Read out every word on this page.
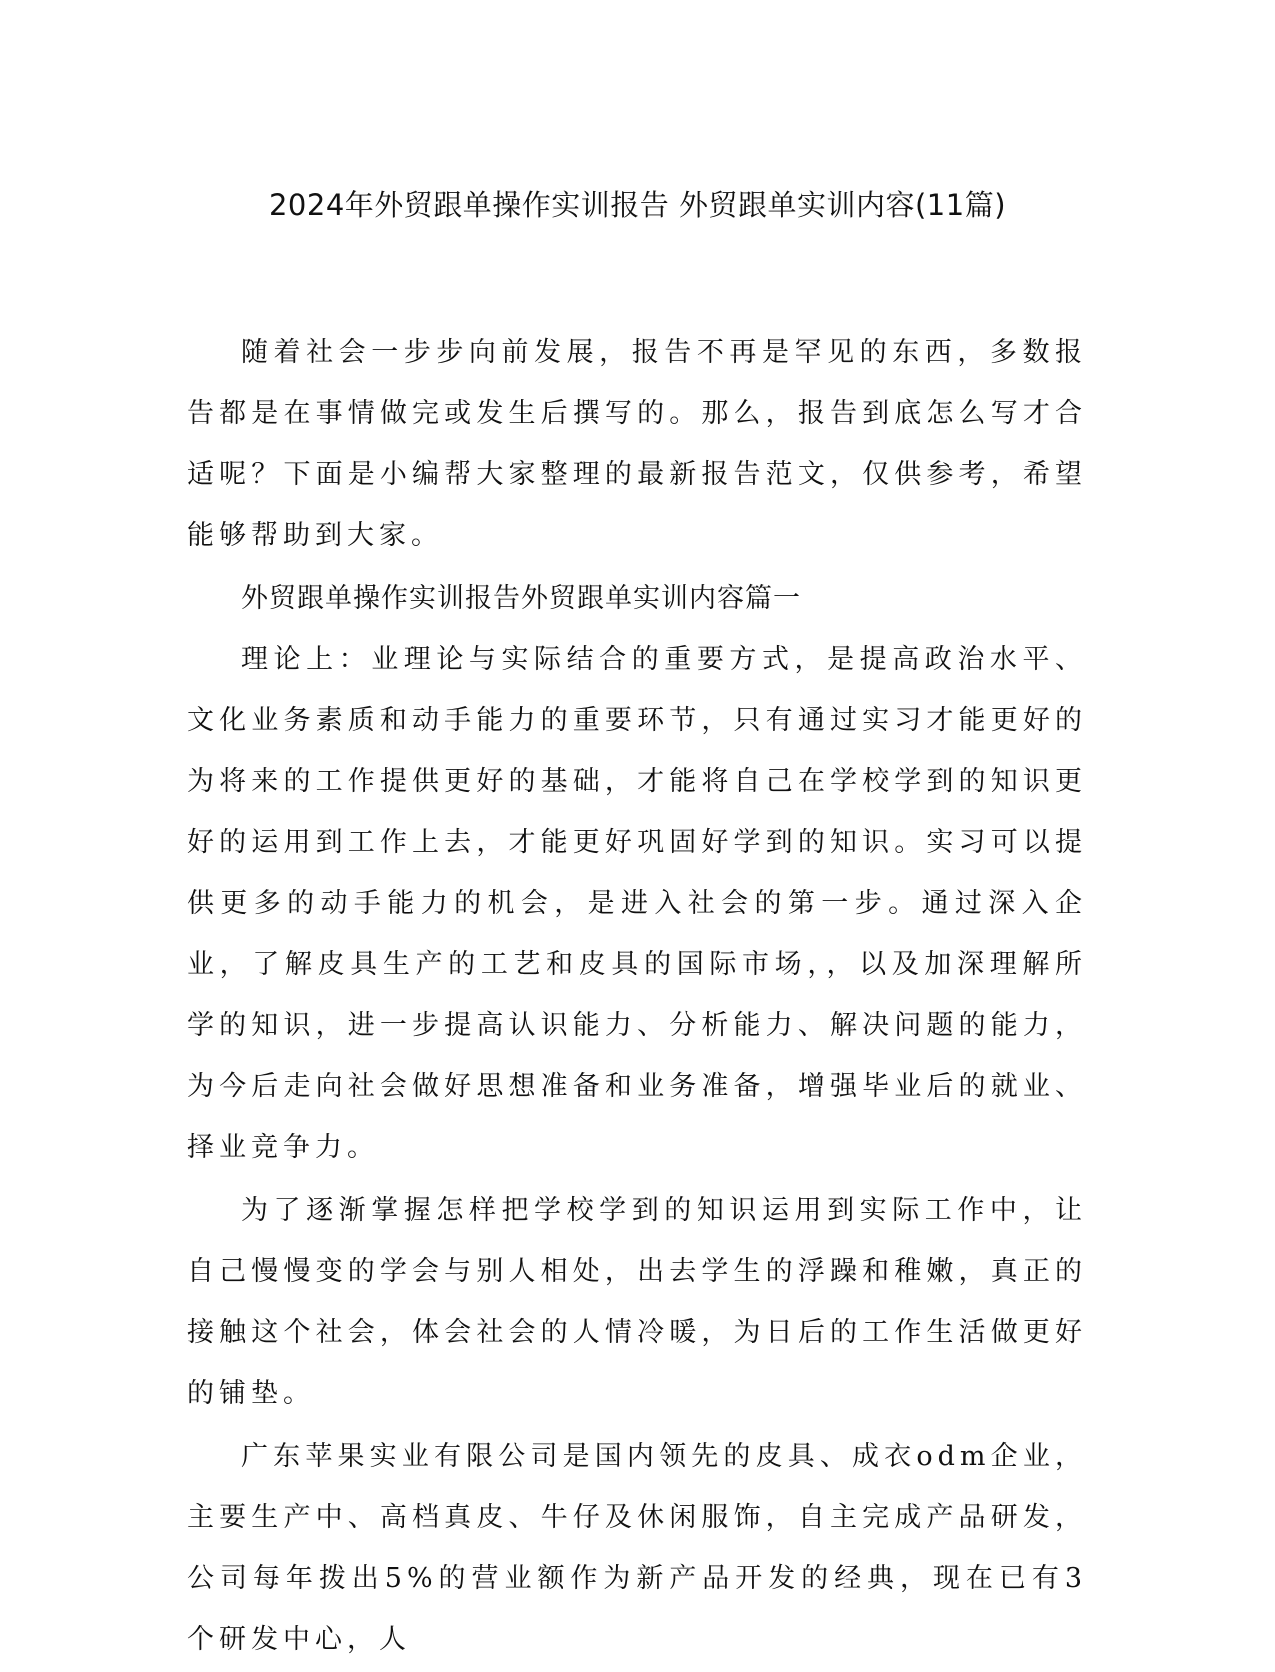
2024年外贸跟单操作实训报告 外贸跟单实训内容(11篇)

随着社会一步步向前发展，报告不再是罕见的东西，多数报告都是在事情做完或发生后撰写的。那么，报告到底怎么写才合适呢？下面是小编帮大家整理的最新报告范文，仅供参考，希望能够帮助到大家。

外贸跟单操作实训报告外贸跟单实训内容篇一

理论上：业理论与实际结合的重要方式，是提高政治水平、文化业务素质和动手能力的重要环节，只有通过实习才能更好的为将来的工作提供更好的基础，才能将自己在学校学到的知识更好的运用到工作上去，才能更好巩固好学到的知识。实习可以提供更多的动手能力的机会，是进入社会的第一步。通过深入企业，了解皮具生产的工艺和皮具的国际市场，，以及加深理解所学的知识，进一步提高认识能力、分析能力、解决问题的能力，为今后走向社会做好思想准备和业务准备，增强毕业后的就业、择业竞争力。

为了逐渐掌握怎样把学校学到的知识运用到实际工作中，让自己慢慢变的学会与别人相处，出去学生的浮躁和稚嫩，真正的接触这个社会，体会社会的人情冷暖，为日后的工作生活做更好的铺垫。

广东苹果实业有限公司是国内领先的皮具、成衣odm企业，主要生产中、高档真皮、牛仔及休闲服饰，自主完成产品研发，公司每年拨出5%的营业额作为新产品开发的经典，现在已有3个研发中心，人
